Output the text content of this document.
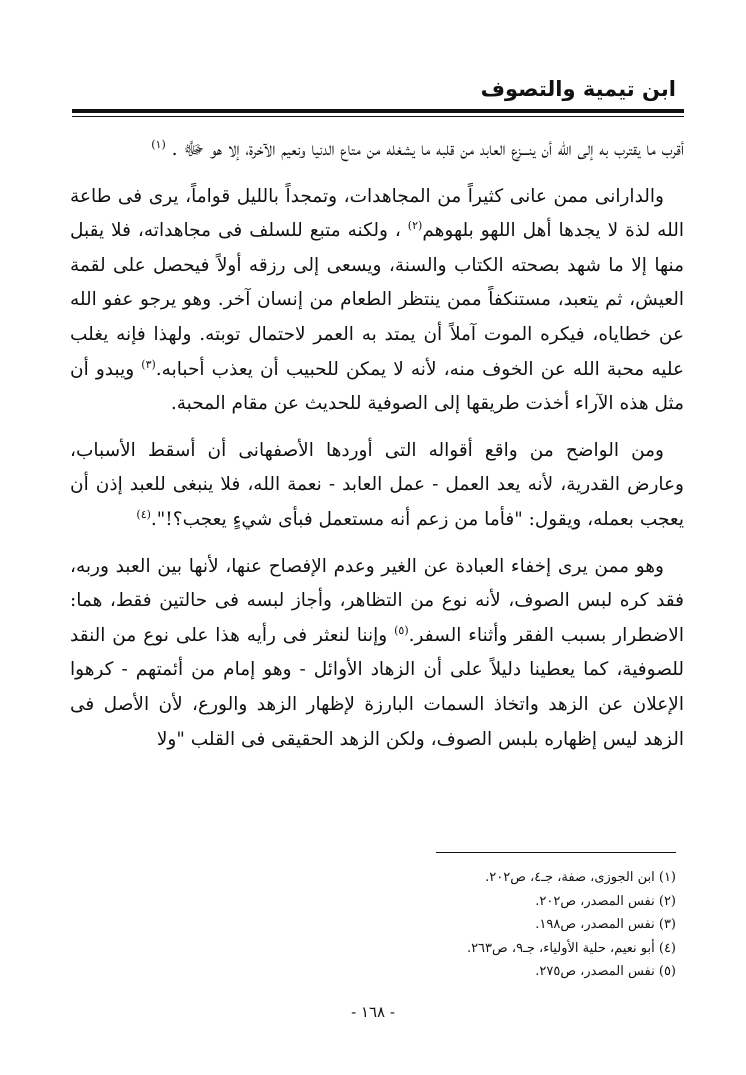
ابن تيمية والتصوف

أقرب ما يقترب به إلى الله أن ينـــزع العابد من قلبه ما يشغله من متاع الدنيا ونعيم الآخرة، إلا هو ﷻ . $^{(١)}$

والدارانى ممن عانى كثيراً من المجاهدات، وتمجداً بالليل قواماً، يرى فى طاعة الله لذة لا يجدها أهل اللهو بلهوهم$^{(٢)}$ ، ولكنه متبع للسلف فى مجاهداته، فلا يقبل منها إلا ما شهد بصحته الكتاب والسنة، ويسعى إلى رزقه أولاً فيحصل على لقمة العيش، ثم يتعبد، مستنكفاً ممن ينتظر الطعام من إنسان آخر. وهو يرجو عفو الله عن خطاياه، فيكره الموت آملاً أن يمتد به العمر لاحتمال توبته. ولهذا فإنه يغلب عليه محبة الله عن الخوف منه، لأنه لا يمكن للحبيب أن يعذب أحبابه.$^{(٣)}$ ويبدو أن مثل هذه الآراء أخذت طريقها إلى الصوفية للحديث عن مقام المحبة.

ومن الواضح من واقع أقواله التى أوردها الأصفهانى أن أسقط الأسباب، وعارض القدرية، لأنه يعد العمل - عمل العابد - نعمة الله، فلا ينبغى للعبد إذن أن يعجب بعمله، ويقول: "فأما من زعم أنه مستعمل فبأى شيءٍ يعجب؟!".$^{(٤)}$

وهو ممن يرى إخفاء العبادة عن الغير وعدم الإفصاح عنها، لأنها بين العبد وربه، فقد كره لبس الصوف، لأنه نوع من التظاهر، وأجاز لبسه فى حالتين فقط، هما: الاضطرار بسبب الفقر وأثناء السفر.$^{(٥)}$ وإننا لنعثر فى رأيه هذا على نوع من النقد للصوفية، كما يعطينا دليلاً على أن الزهاد الأوائل - وهو إمام من أئمتهم - كرهوا الإعلان عن الزهد واتخاذ السمات البارزة لإظهار الزهد والورع، لأن الأصل فى الزهد ليس إظهاره بلبس الصوف، ولكن الزهد الحقيقى فى القلب "ولا

(١) ابن الجوزى، صفة، جـ٤، ص٢٠٢.
(٢) نفس المصدر، ص٢٠٢.
(٣) نفس المصدر، ص١٩٨.
(٤) أبو نعيم، حلية الأولياء، جـ٩، ص٢٦٣.
(٥) نفس المصدر، ص٢٧٥.
- ١٦٨ -
